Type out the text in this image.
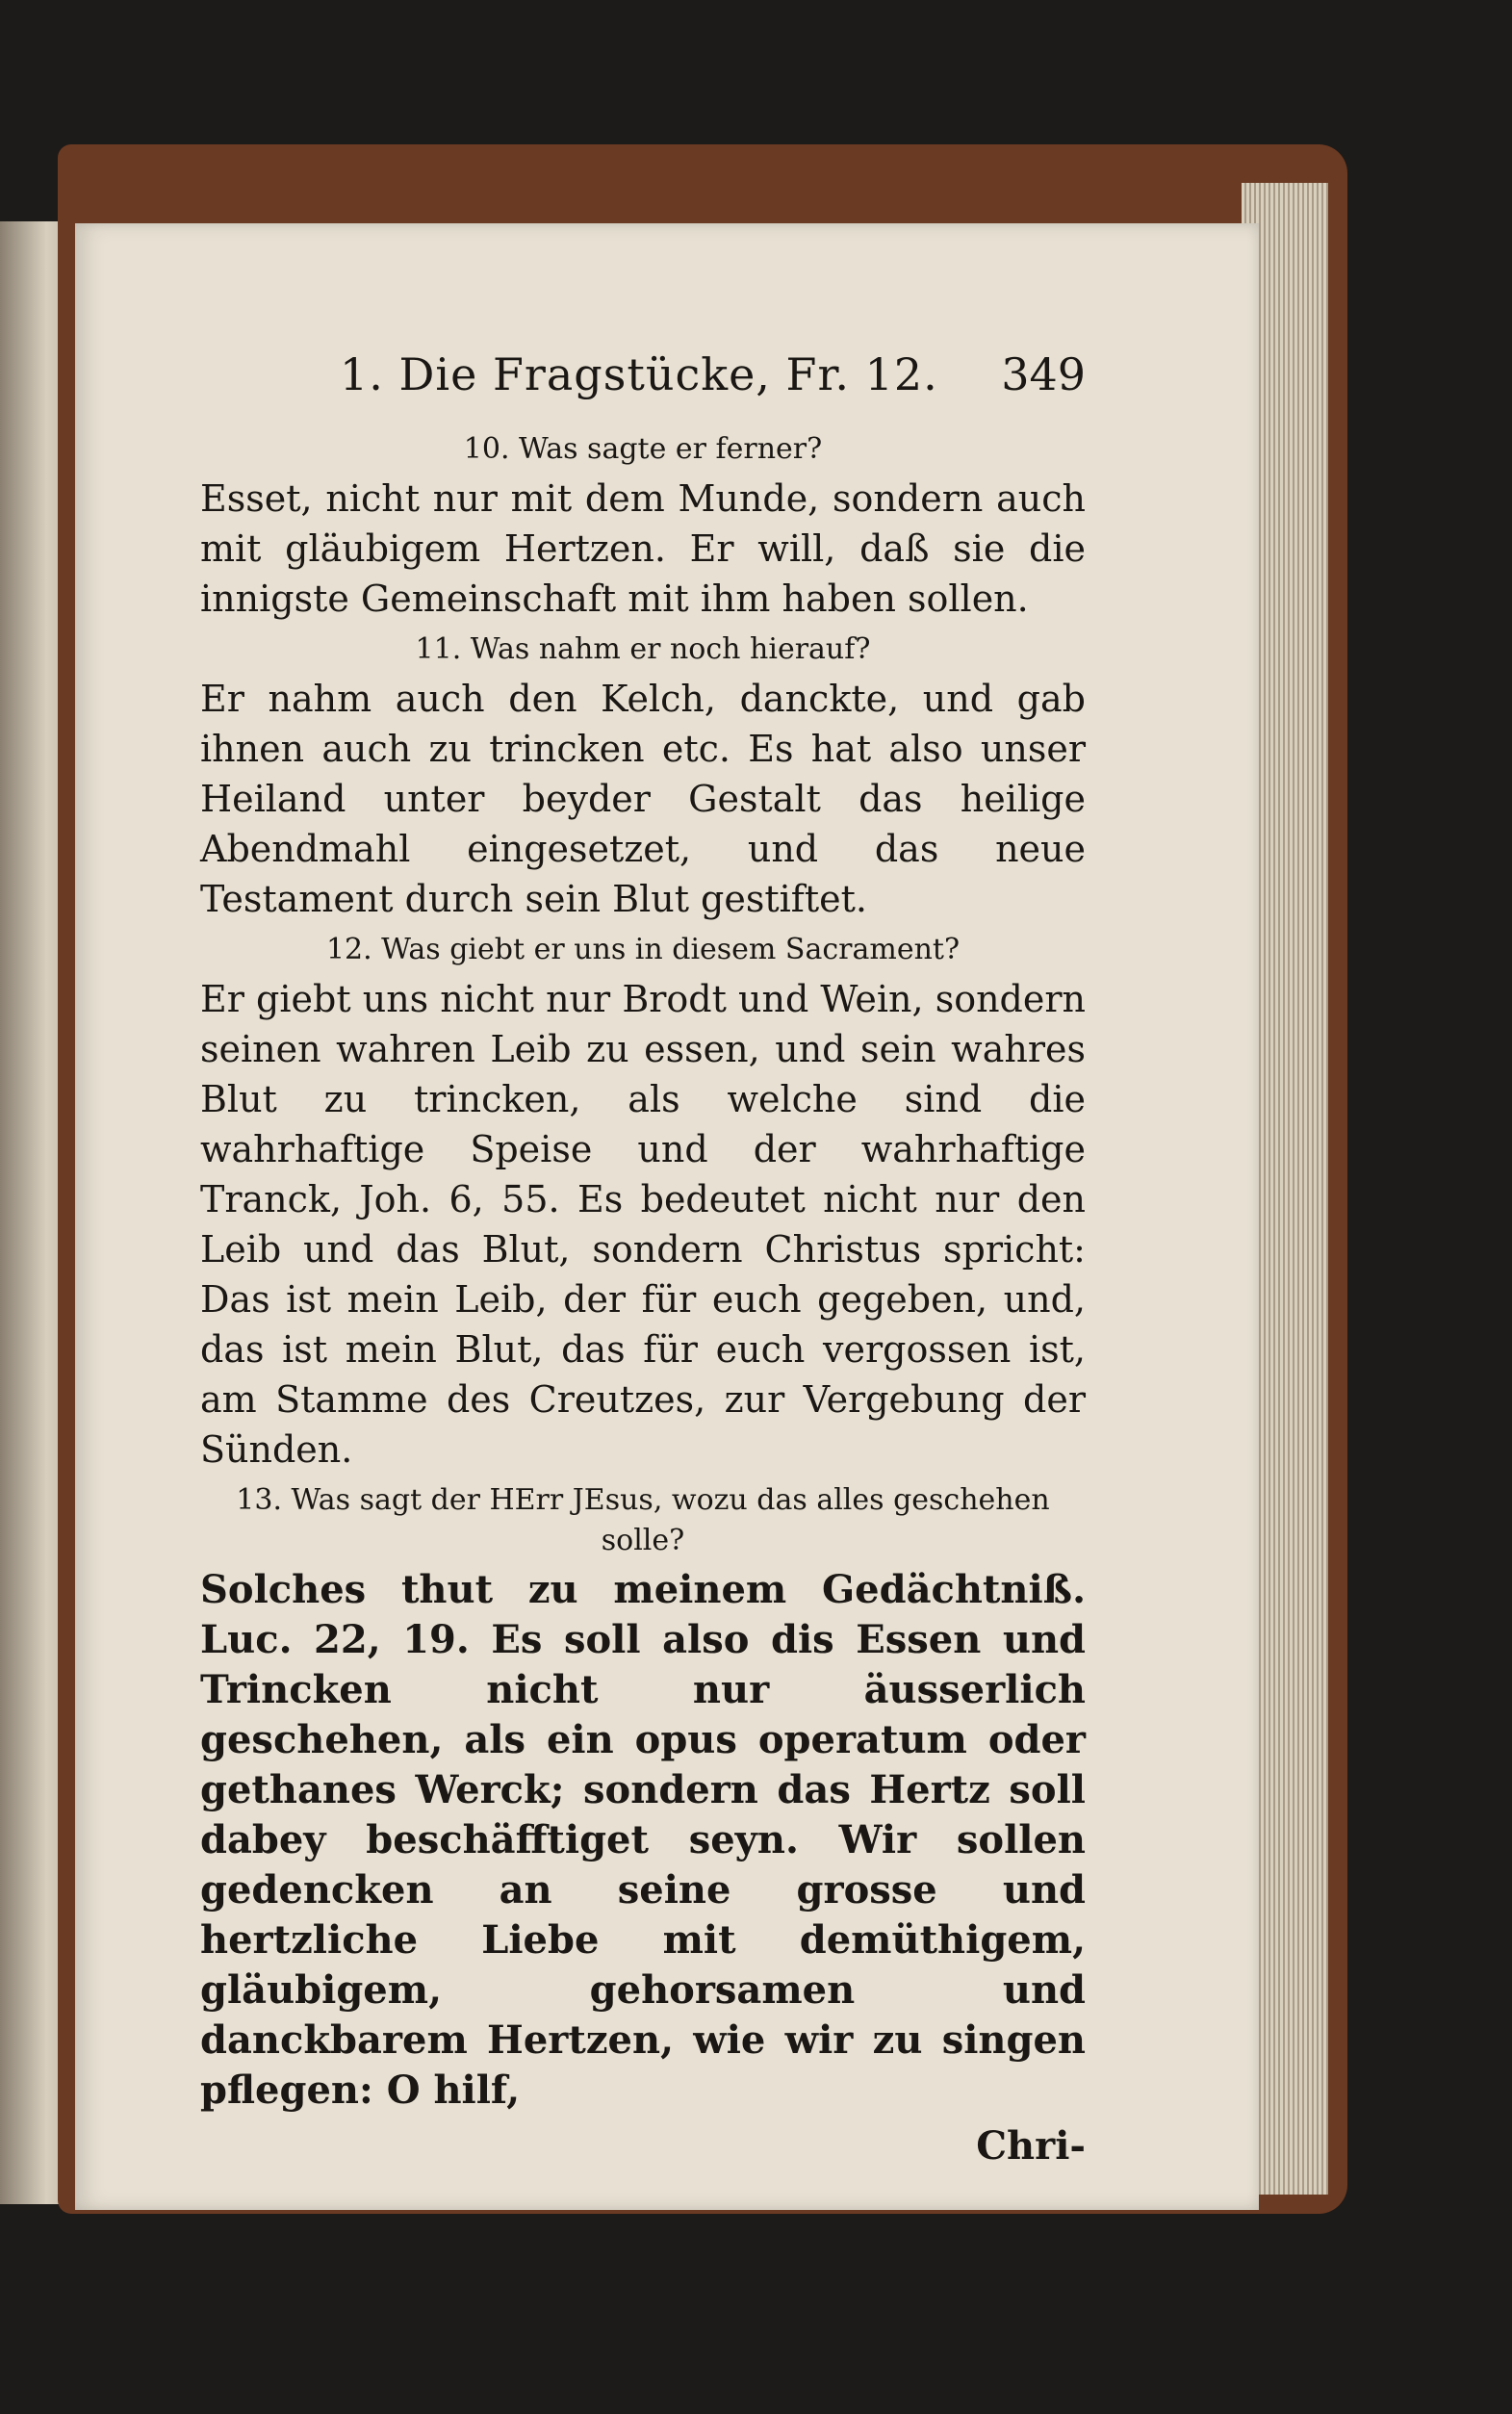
1. Die Fragstücke, Fr. 12. 349
10. Was sagte er ferner?
Esset, nicht nur mit dem Munde, sondern auch mit gläubigem Hertzen. Er will, daß sie die innigste Gemeinschaft mit ihm haben sollen.
11. Was nahm er noch hierauf?
Er nahm auch den Kelch, danckte, und gab ihnen auch zu trincken etc. Es hat also unser Heiland unter beyder Gestalt das heilige Abendmahl eingesetzet, und das neue Testament durch sein Blut gestiftet.
12. Was giebt er uns in diesem Sacrament?
Er giebt uns nicht nur Brodt und Wein, sondern seinen wahren Leib zu essen, und sein wahres Blut zu trincken, als welche sind die wahrhaftige Speise und der wahrhaftige Tranck, Joh. 6, 55. Es bedeutet nicht nur den Leib und das Blut, sondern Christus spricht: Das ist mein Leib, der für euch gegeben, und, das ist mein Blut, das für euch vergossen ist, am Stamme des Creutzes, zur Vergebung der Sünden.
13. Was sagt der HErr JEsus, wozu das alles geschehen solle?
Solches thut zu meinem Gedächtniß. Luc. 22, 19. Es soll also dis Essen und Trincken nicht nur äusserlich geschehen, als ein opus operatum oder gethanes Werck; sondern das Hertz soll dabey beschäfftiget seyn. Wir sollen gedencken an seine grosse und hertzliche Liebe mit demüthigem, gläubigem, gehorsamen und danckbarem Hertzen, wie wir zu singen pflegen: O hilf,
Chri-
